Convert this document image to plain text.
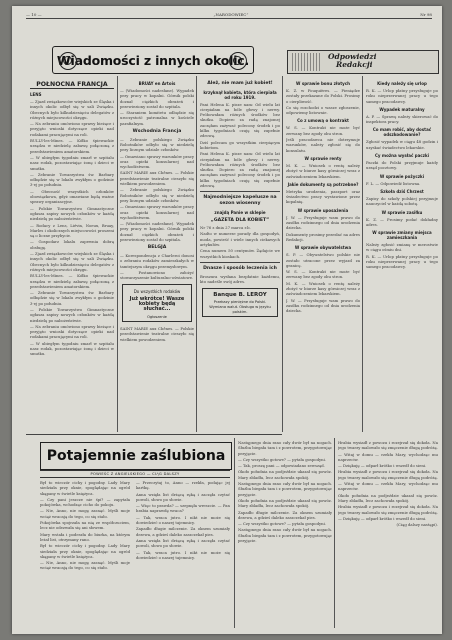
— 10 —	„NARODOWIEC”	Nr 98
Wiadomości z innych okolic.	Odpowiedzi
Redakcji
POŁNOCNA FRANCJA
LENS

— Zjazd związkowców wiejskich ze Śląska i innych okolic odbył się w sali Związku. Obecnych było kilkudziesięciu delegatów z różnych miejscowości okręgu.

— Na zebraniu omówiono sprawy bieżące i przyjęto wnioski dotyczące opieki nad rodakami pracującymi na roli.

BULLY-les-Mines. — Kółko śpiewackie urządza w niedzielę zabawę połączoną z przedstawieniem amatorskiem.

— W ubiegłym tygodniu zmarł w szpitalu nasz rodak, pozostawiając żonę i dzieci w smutku.

— Zebranie Towarzystwa św. Barbary odbędzie się w lokalu zwykłym o godzinie 3-ej po południu.

— Obecność wszystkich członków obowiązkowa, gdyż omawiane będą ważne sprawy organizacyjne.

— Polskie Towarzystwo Gimnastyczne ogłasza zapisy nowych członków w każdą niedzielę po nabożeństwie.

— Rodacy z Lens, Liévin, Noeux, Bruay, Marles i okolicznych miejscowości proszeni są o liczne przybycie.

— Gospodarz lokalu zapewnia dobrą obsługę.

— Zjazd związkowców wiejskich ze Śląska i innych okolic odbył się w sali Związku. Obecnych było kilkudziesięciu delegatów z różnych miejscowości okręgu.

BULLY-les-Mines. — Kółko śpiewackie urządza w niedzielę zabawę połączoną z przedstawieniem amatorskiem.

— Zebranie Towarzystwa św. Barbary odbędzie się w lokalu zwykłym o godzinie 3-ej po południu.

— Polskie Towarzystwo Gimnastyczne ogłasza zapisy nowych członków w każdą niedzielę po nabożeństwie.

— Na zebraniu omówiono sprawy bieżące i przyjęto wnioski dotyczące opieki nad rodakami pracującymi na roli.

— W ubiegłym tygodniu zmarł w szpitalu nasz rodak, pozostawiając żonę i dzieci w smutku.

BRUAY en Artois

— (Wiadomości nadesłane). Wypadek przy pracy w kopalni. Górnik polski doznał ciężkich obrażeń i przewieziony został do szpitala.

— Staraniem komitetu odbędzie się uroczystość patronalna w kościele parafialnym.

Wschodnia Francja

— Zebranie polskiego Związku Robotników odbyło się w niedzielę przy licznym udziale członków.

— Omawiano sprawy warunków pracy oraz opieki konsularnej nad wychodźstwem.

SAINT MARIE aux Chênes. — Polskie przedstawienie teatralne cieszyło się wielkiem powodzeniem.

— Zebranie polskiego Związku Robotników odbyło się w niedzielę przy licznym udziale członków.

— Omawiano sprawy warunków pracy oraz opieki konsularnej nad wychodźstwem.

— (Wiadomości nadesłane). Wypadek przy pracy w kopalni. Górnik polski doznał ciężkich obrażeń i przewieziony został do szpitala.

BELGJA

— Korespondencja z Charleroi donosi o zebraniu rodaków zamieszkałych w tamtejszym okręgu przemysłowym.

— Postanowiono założyć stowarzyszenie kulturalno-oświatowe.

Do wszystkich rodaków
Już wkrótce! Wasze kobiety będą słuchać...
Ogłoszenie

SAINT MARIE aux Chênes. — Polskie przedstawienie teatralne cieszyło się wielkiem powodzeniem.

Ależ, nie mam już kobiet!
krzyknął kobieta, która cierpiała od roku 1919.

Pani Helena K. pisze nam: Od wielu lat cierpiałam na bóle głowy i nerwy. Próbowałam różnych środków bez skutku. Dopiero za radą znajomej zaczęłam zażywać polecony środek i po kilku tygodniach czuję się zupełnie zdrową.

Dziś polecam go wszystkim cierpiącym kobietom.

Pani Helena K. pisze nam: Od wielu lat cierpiałam na bóle głowy i nerwy. Próbowałam różnych środków bez skutku. Dopiero za radą znajomej zaczęłam zażywać polecony środek i po kilku tygodniach czuję się zupełnie zdrową.

Najmodniejsze kapelusze na sezon wiosenny
znajdą Panie w sklepie
„GAZETA DLA KOBIET”

Nr 76 z dnia 27 marca r.b.

Nadto w numerze porady dla gospodyń, moda, powieść i wiele innych ciekawych artykułów.

Cena numeru 50 centymów. Żądajcie we wszystkich kioskach.

Dnasze i sposób leczenia ich

Broszura wysłana bezpłatnie każdemu, kto nadeśle swój adres.

Banque B. LEROY
Przekazy pieniężne do Polski. Wymiana walut. Obsługa w języku polskim.
W sprawie bonu złotych

K. Z. w Fouquières. — Pieniądze zostały przekazane do Polski. Prosimy o cierpliwość.

Co się rozchodzi o wasze zgłoszenie, odpowiemy listownie.

Co z umową o kontrakt

W. S. — Kontrakt nie może być zerwany bez zgody obu stron.

Jeśli pracodawca nie dotrzymuje warunków, należy zgłosić się do konsulatu.

W sprawie renty

M. K. — Wniosek o rentę należy złożyć w biurze kasy górniczej wraz z zaświadczeniem lekarskiem.

Jakie dokumenty są potrzebne?

Metryka urodzenia, paszport oraz świadectwo pracy wystawione przez kopalnię.

W sprawie uposażenia

J. W. — Przysługuje wam prawo do zasiłku rodzinnego od dnia urodzenia dziecka.

Dokumenty prosimy przesłać na adres Redakcji.

W sprawie obywatelstwa

S. P. — Obywatelstwo polskie nie zostało utracone przez wyjazd za granicę.

W. S. — Kontrakt nie może być zerwany bez zgody obu stron.

M. K. — Wniosek o rentę należy złożyć w biurze kasy górniczej wraz z zaświadczeniem lekarskiem.

J. W. — Przysługuje wam prawo do zasiłku rodzinnego od dnia urodzenia dziecka.

Kiedy należy się urlop

R. K. — Urlop płatny przysługuje po roku nieprzerwanej pracy u tego samego pracodawcy.

Wypadek maturalny

A. P. — Sprawę należy skierować do inspektora pracy.

Co mam robić, aby dostać odszkodowanie?

Zgłosić wypadek w ciągu 48 godzin i uzyskać świadectwo lekarskie.

Cy można wysłać paczki

Paczki do Polski przyjmuje każdy urząd pocztowy.

W sprawie pożyczki

F. L. — Odpowiedź listowna.

Szkoła dziś Chrzest

Zapisy do szkoły polskiej przyjmuje nauczyciel w każdą sobotę.

W sprawie zasiłku

K. Z. — Prosimy podać dokładny adres.

W sprawie zmiany miejsca zamieszkania

Należy zgłosić zmianę w merostwie w ciągu ośmiu dni.

R. K. — Urlop płatny przysługuje po roku nieprzerwanej pracy u tego samego pracodawcy.

Potajemnie zaślubiona
POWIEŚĆ Z ANGIELSKIEGO — CIĄG DALSZY

Był to wieczór cichy i pogodny. Lady Mary siedziała przy oknie, spoglądając na ogród skąpany w świetle księżyca.

— Czy pani jeszcze nie śpi? — zapytała pokojówka, wchodząc cicho do pokoju.

— Nie, Anno, nie mogę zasnąć. Myśli moje wciąż wracają do tego, co się stało.

Pokojówka spojrzała na nią ze współczuciem, lecz nie odezwała się ani słowem.

Mary wstała i podeszła do biurka, na którym leżał list, otrzymany rano.

Był to wieczór cichy i pogodny. Lady Mary siedziała przy oknie, spoglądając na ogród skąpany w świetle księżyca.

— Nie, Anno, nie mogę zasnąć. Myśli moje wciąż wracają do tego, co się stało.

— Przeczytaj to, Anno — rzekła, podając jej kartkę.

Anna wzięła list drżącą ręką i zaczęła czytać powoli, słowo po słowie.

— Więc to prawda? — szepnęła wreszcie. — Pan hrabia naprawdę wraca?

— Tak, wraca jutro. I nikt nie może się dowiedzieć o naszej tajemnicy.

Zapadło długie milczenie. Za oknem szumiały drzewa, a gdzieś daleko zaszczekał pies.

Anna wzięła list drżącą ręką i zaczęła czytać powoli, słowo po słowie.

— Tak, wraca jutro. I nikt nie może się dowiedzieć o naszej tajemnicy.

Następnego dnia rano cały dwór był na nogach. Służba biegała tam i z powrotem, przygotowując przyjęcie.

— Czy wszystko gotowe? — pytała gospodyni.

— Tak, proszę pani — odpowiadano zewsząd.

Około południa na podjeździe ukazał się powóz. Mary zbladła, lecz zachowała spokój.

Następnego dnia rano cały dwór był na nogach. Służba biegała tam i z powrotem, przygotowując przyjęcie.

Około południa na podjeździe ukazał się powóz. Mary zbladła, lecz zachowała spokój.

Zapadło długie milczenie. Za oknem szumiały drzewa, a gdzieś daleko zaszczekał pies.

— Czy wszystko gotowe? — pytała gospodyni.

Następnego dnia rano cały dwór był na nogach. Służba biegała tam i z powrotem, przygotowując przyjęcie.

Hrabia wysiadł z powozu i rozejrzał się dokoła. Na jego twarzy malowało się zmęczenie długą podróżą.

— Witaj w domu — rzekła Mary, wychodząc mu naprzeciw.

— Dziękuję — odparł krótko i wszedł do sieni.

Hrabia wysiadł z powozu i rozejrzał się dokoła. Na jego twarzy malowało się zmęczenie długą podróżą.

— Witaj w domu — rzekła Mary, wychodząc mu naprzeciw.

Około południa na podjeździe ukazał się powóz. Mary zbladła, lecz zachowała spokój.

Hrabia wysiadł z powozu i rozejrzał się dokoła. Na jego twarzy malowało się zmęczenie długą podróżą.

— Dziękuję — odparł krótko i wszedł do sieni.

(Ciąg dalszy nastąpi).
